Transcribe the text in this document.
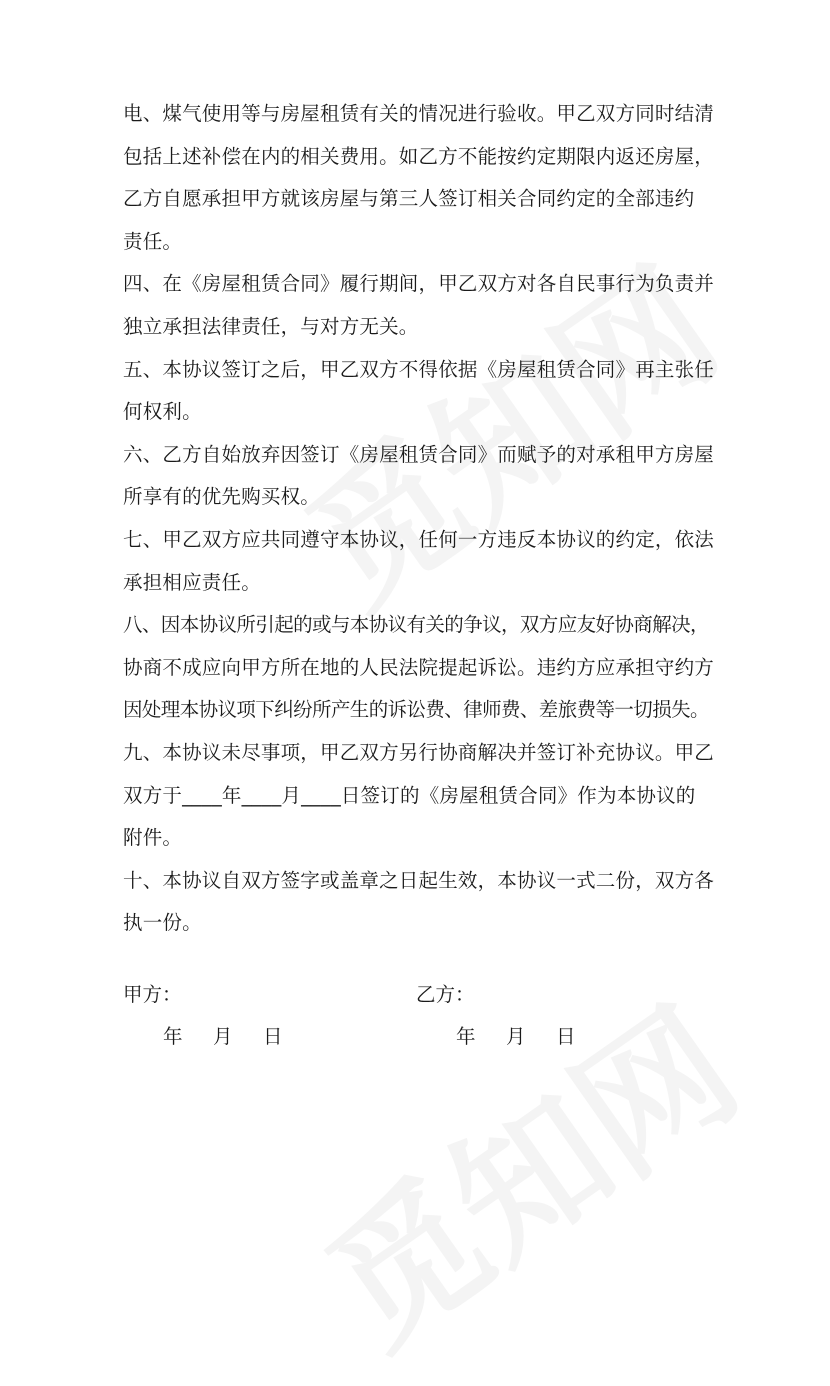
电、煤气使用等与房屋租赁有关的情况进行验收。甲乙双方同时结清
包括上述补偿在内的相关费用。如乙方不能按约定期限内返还房屋，
乙方自愿承担甲方就该房屋与第三人签订相关合同约定的全部违约
责任。
四、在《房屋租赁合同》履行期间，甲乙双方对各自民事行为负责并
独立承担法律责任，与对方无关。
五、本协议签订之后，甲乙双方不得依据《房屋租赁合同》再主张任
何权利。
六、乙方自始放弃因签订《房屋租赁合同》而赋予的对承租甲方房屋
所享有的优先购买权。
七、甲乙双方应共同遵守本协议，任何一方违反本协议的约定，依法
承担相应责任。
八、因本协议所引起的或与本协议有关的争议，双方应友好协商解决，
协商不成应向甲方所在地的人民法院提起诉讼。违约方应承担守约方
因处理本协议项下纠纷所产生的诉讼费、律师费、差旅费等一切损失。
九、本协议未尽事项，甲乙双方另行协商解决并签订补充协议。甲乙
双方于____年____月____日签订的《房屋租赁合同》作为本协议的
附件。
十、本协议自双方签字或盖章之日起生效，本协议一式二份，双方各
执一份。
甲方：	乙方：
年 月 日	年 月 日
